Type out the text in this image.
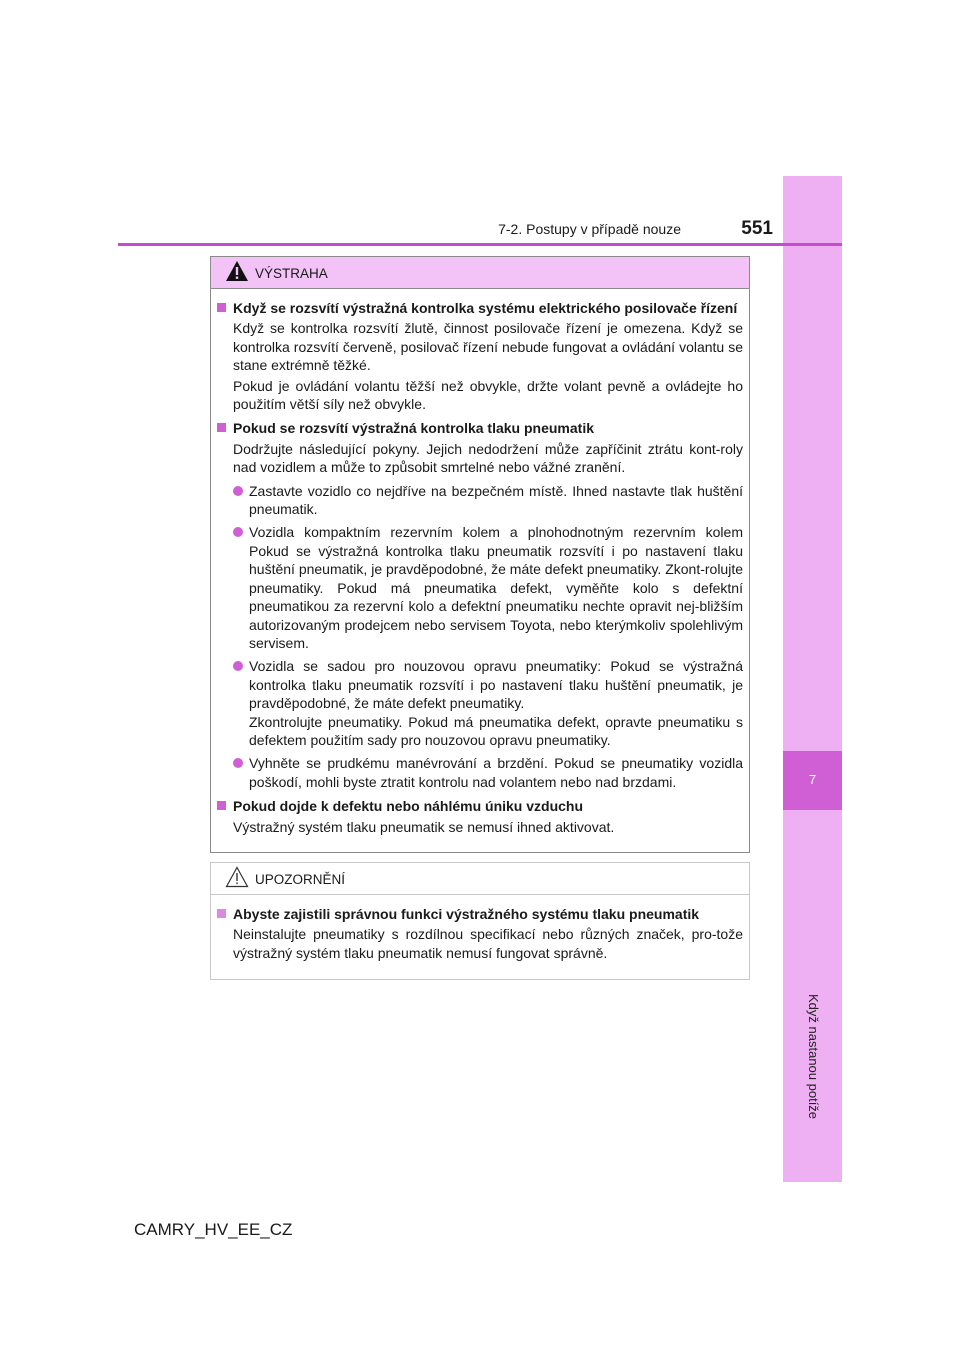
7
Když nastanou potíže
7-2. Postupy v případě nouze	551
VÝSTRAHA
Když se rozsvítí výstražná kontrolka systému elektrického posilovače řízení
Když se kontrolka rozsvítí žlutě, činnost posilovače řízení je omezena. Když se kontrolka rozsvítí červeně, posilovač řízení nebude fungovat a ovládání volantu se stane extrémně těžké.
Pokud je ovládání volantu těžší než obvykle, držte volant pevně a ovládejte ho použitím větší síly než obvykle.
Pokud se rozsvítí výstražná kontrolka tlaku pneumatik
Dodržujte následující pokyny. Jejich nedodržení může zapříčinit ztrátu kont-roly nad vozidlem a může to způsobit smrtelné nebo vážné zranění.
Zastavte vozidlo co nejdříve na bezpečném místě. Ihned nastavte tlak huštění pneumatik.
Vozidla kompaktním rezervním kolem a plnohodnotným rezervním kolem Pokud se výstražná kontrolka tlaku pneumatik rozsvítí i po nastavení tlaku huštění pneumatik, je pravděpodobné, že máte defekt pneumatiky. Zkont-rolujte pneumatiky. Pokud má pneumatika defekt, vyměňte kolo s defektní pneumatikou za rezervní kolo a defektní pneumatiku nechte opravit nej-bližším autorizovaným prodejcem nebo servisem Toyota, nebo kterýmkoliv spolehlivým servisem.
Vozidla se sadou pro nouzovou opravu pneumatiky: Pokud se výstražná kontrolka tlaku pneumatik rozsvítí i po nastavení tlaku huštění pneumatik, je pravděpodobné, že máte defekt pneumatiky.
Zkontrolujte pneumatiky. Pokud má pneumatika defekt, opravte pneumatiku s defektem použitím sady pro nouzovou opravu pneumatiky.
Vyhněte se prudkému manévrování a brzdění. Pokud se pneumatiky vozidla poškodí, mohli byste ztratit kontrolu nad volantem nebo nad brzdami.
Pokud dojde k defektu nebo náhlému úniku vzduchu
Výstražný systém tlaku pneumatik se nemusí ihned aktivovat.
UPOZORNĚNÍ
Abyste zajistili správnou funkci výstražného systému tlaku pneumatik
Neinstalujte pneumatiky s rozdílnou specifikací nebo různých značek, pro-tože výstražný systém tlaku pneumatik nemusí fungovat správně.
CAMRY_HV_EE_CZ
